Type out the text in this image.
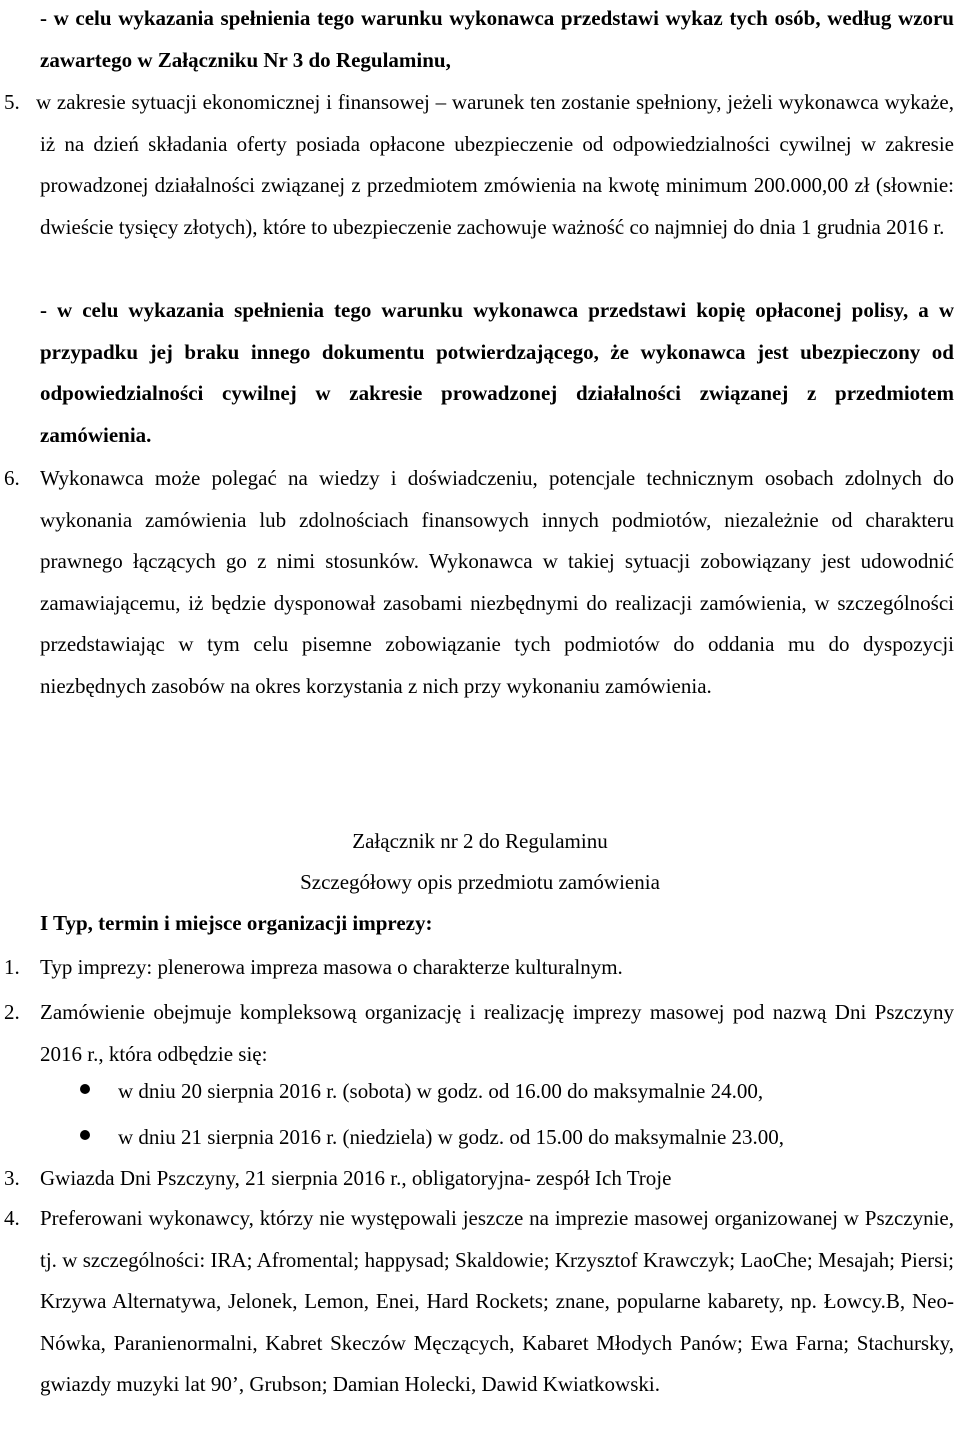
- w celu wykazania spełnienia tego warunku wykonawca przedstawi wykaz tych osób, według wzoru zawartego w Załączniku Nr 3 do Regulaminu,

5. w zakresie sytuacji ekonomicznej i finansowej – warunek ten zostanie spełniony, jeżeli wykonawca wykaże, iż na dzień składania oferty posiada opłacone ubezpieczenie od odpowiedzialności cywilnej w zakresie prowadzonej działalności związanej z przedmiotem zmówienia na kwotę minimum 200.000,00 zł (słownie: dwieście tysięcy złotych), które to ubezpieczenie zachowuje ważność co najmniej do dnia 1 grudnia 2016 r.

- w celu wykazania spełnienia tego warunku wykonawca przedstawi kopię opłaconej polisy, a w przypadku jej braku innego dokumentu potwierdzającego, że wykonawca jest ubezpieczony od odpowiedzialności cywilnej w zakresie prowadzonej działalności związanej z przedmiotem zamówienia.

6. Wykonawca może polegać na wiedzy i doświadczeniu, potencjale technicznym osobach zdolnych do wykonania zamówienia lub zdolnościach finansowych innych podmiotów, niezależnie od charakteru prawnego łączących go z nimi stosunków. Wykonawca w takiej sytuacji zobowiązany jest udowodnić zamawiającemu, iż będzie dysponował zasobami niezbędnymi do realizacji zamówienia, w szczególności przedstawiając w tym celu pisemne zobowiązanie tych podmiotów do oddania mu do dyspozycji niezbędnych zasobów na okres korzystania z nich przy wykonaniu zamówienia.

Załącznik nr 2 do Regulaminu

Szczegółowy opis przedmiotu zamówienia

I Typ, termin i miejsce organizacji imprezy:

1. Typ imprezy: plenerowa impreza masowa o charakterze kulturalnym.

2. Zamówienie obejmuje kompleksową organizację i realizację imprezy masowej pod nazwą Dni Pszczyny 2016 r., która odbędzie się:

w dniu 20 sierpnia 2016 r. (sobota) w godz. od 16.00 do maksymalnie 24.00,

w dniu 21 sierpnia 2016 r. (niedziela) w godz. od 15.00 do maksymalnie 23.00,

3. Gwiazda Dni Pszczyny, 21 sierpnia 2016 r., obligatoryjna- zespół Ich Troje

4. Preferowani wykonawcy, którzy nie występowali jeszcze na imprezie masowej organizowanej w Pszczynie, tj. w szczególności: IRA; Afromental; happysad; Skaldowie; Krzysztof Krawczyk; LaoChe; Mesajah; Piersi; Krzywa Alternatywa, Jelonek, Lemon, Enei, Hard Rockets; znane, popularne kabarety, np. Łowcy.B, Neo-Nówka, Paranienormalni, Kabret Skeczów Męczących, Kabaret Młodych Panów; Ewa Farna; Stachursky, gwiazdy muzyki lat 90’, Grubson; Damian Holecki, Dawid Kwiatkowski.
